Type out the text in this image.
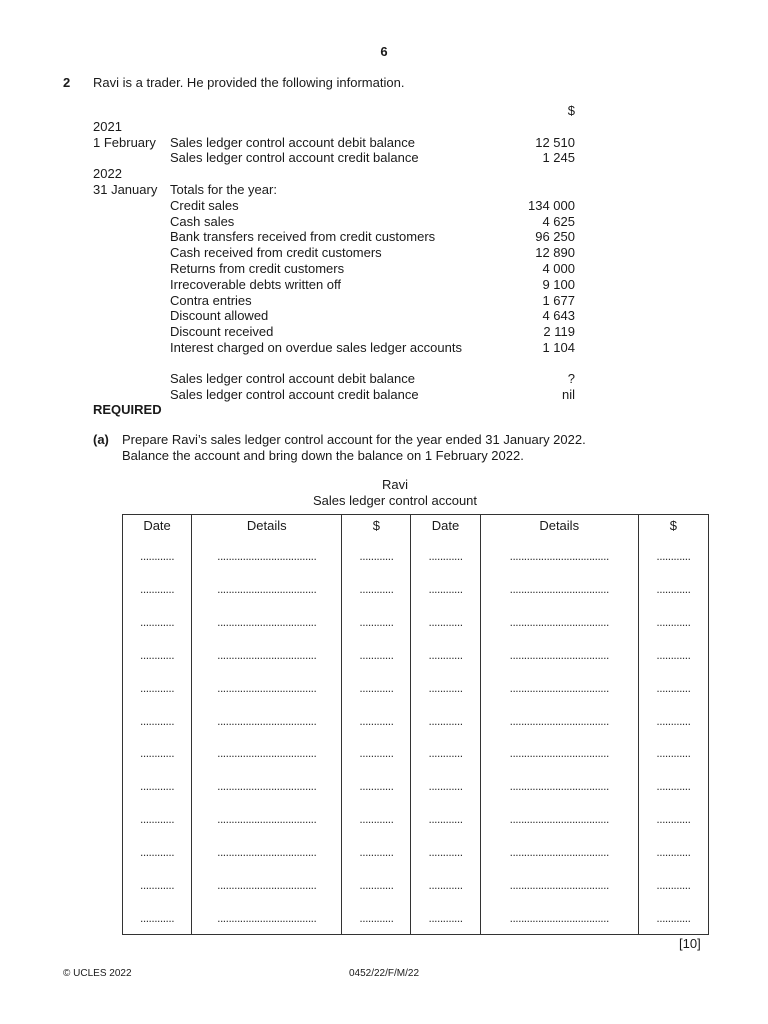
6
2 Ravi is a trader. He provided the following information.
$
2021
1 February Sales ledger control account debit balance	12 510
Sales ledger control account credit balance	1 245
2022
31 January Totals for the year:
Credit sales	134 000
Cash sales	4 625
Bank transfers received from credit customers	96 250
Cash received from credit customers	12 890
Returns from credit customers	4 000
Irrecoverable debts written off	9 100
Contra entries	1 677
Discount allowed	4 643
Discount received	2 119
Interest charged on overdue sales ledger accounts	1 104
Sales ledger control account debit balance	?
Sales ledger control account credit balance	nil
REQUIRED
(a) Prepare Ravi’s sales ledger control account for the year ended 31 January 2022.
Balance the account and bring down the balance on 1 February 2022.
Ravi
Sales ledger control account
Date	Details	$	Date	Details	$
............	...................................	............	............	...................................	............
............	...................................	............	............	...................................	............
............	...................................	............	............	...................................	............
............	...................................	............	............	...................................	............
............	...................................	............	............	...................................	............
............	...................................	............	............	...................................	............
............	...................................	............	............	...................................	............
............	...................................	............	............	...................................	............
............	...................................	............	............	...................................	............
............	...................................	............	............	...................................	............
............	...................................	............	............	...................................	............
............	...................................	............	............	...................................	............
[10]
© UCLES 2022	0452/22/F/M/22
